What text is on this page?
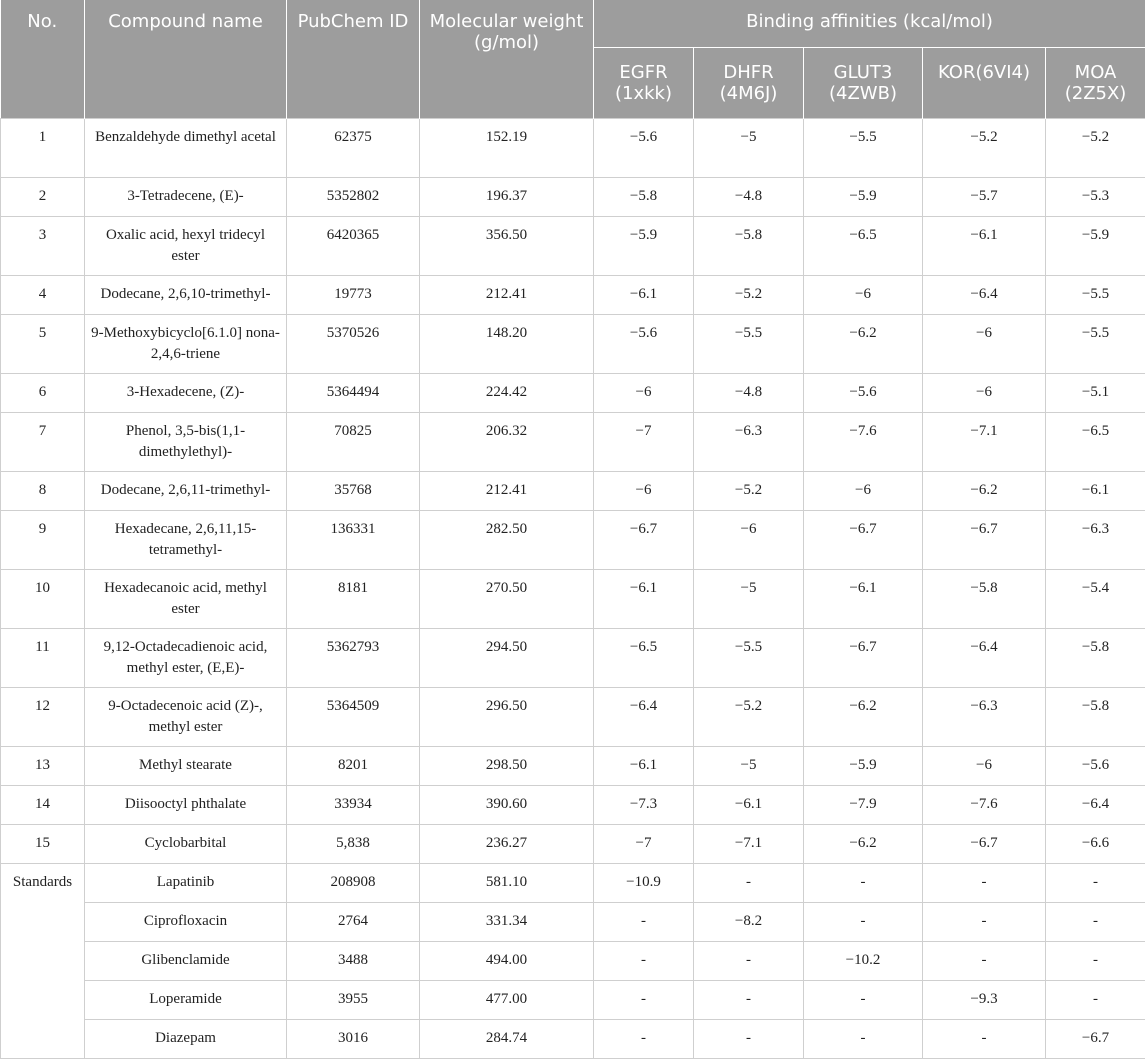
No.	Compound name	PubChem ID	Molecular weight (g/mol)	Binding affinities (kcal/mol)				
				EGFR (1xkk)	DHFR (4M6J)	GLUT3 (4ZWB)	KOR(6VI4)	MOA (2Z5X)
1	Benzaldehyde dimethyl acetal	62375	152.19	−5.6	−5	−5.5	−5.2	−5.2
2	3-Tetradecene, (E)-	5352802	196.37	−5.8	−4.8	−5.9	−5.7	−5.3
3	Oxalic acid, hexyl tridecyl ester	6420365	356.50	−5.9	−5.8	−6.5	−6.1	−5.9
4	Dodecane, 2,6,10-trimethyl-	19773	212.41	−6.1	−5.2	−6	−6.4	−5.5
5	9-Methoxybicyclo[6.1.0] nona-2,4,6-triene	5370526	148.20	−5.6	−5.5	−6.2	−6	−5.5
6	3-Hexadecene, (Z)-	5364494	224.42	−6	−4.8	−5.6	−6	−5.1
7	Phenol, 3,5-bis(1,1-dimethylethyl)-	70825	206.32	−7	−6.3	−7.6	−7.1	−6.5
8	Dodecane, 2,6,11-trimethyl-	35768	212.41	−6	−5.2	−6	−6.2	−6.1
9	Hexadecane, 2,6,11,15-tetramethyl-	136331	282.50	−6.7	−6	−6.7	−6.7	−6.3
10	Hexadecanoic acid, methyl ester	8181	270.50	−6.1	−5	−6.1	−5.8	−5.4
11	9,12-Octadecadienoic acid, methyl ester, (E,E)-	5362793	294.50	−6.5	−5.5	−6.7	−6.4	−5.8
12	9-Octadecenoic acid (Z)-, methyl ester	5364509	296.50	−6.4	−5.2	−6.2	−6.3	−5.8
13	Methyl stearate	8201	298.50	−6.1	−5	−5.9	−6	−5.6
14	Diisooctyl phthalate	33934	390.60	−7.3	−6.1	−7.9	−7.6	−6.4
15	Cyclobarbital	5,838	236.27	−7	−7.1	−6.2	−6.7	−6.6
Standards	Lapatinib	208908	581.10	−10.9	-	-	-	-
	Ciprofloxacin	2764	331.34	-	−8.2	-	-	-
	Glibenclamide	3488	494.00	-	-	−10.2	-	-
	Loperamide	3955	477.00	-	-	-	−9.3	-
	Diazepam	3016	284.74	-	-	-	-	−6.7
